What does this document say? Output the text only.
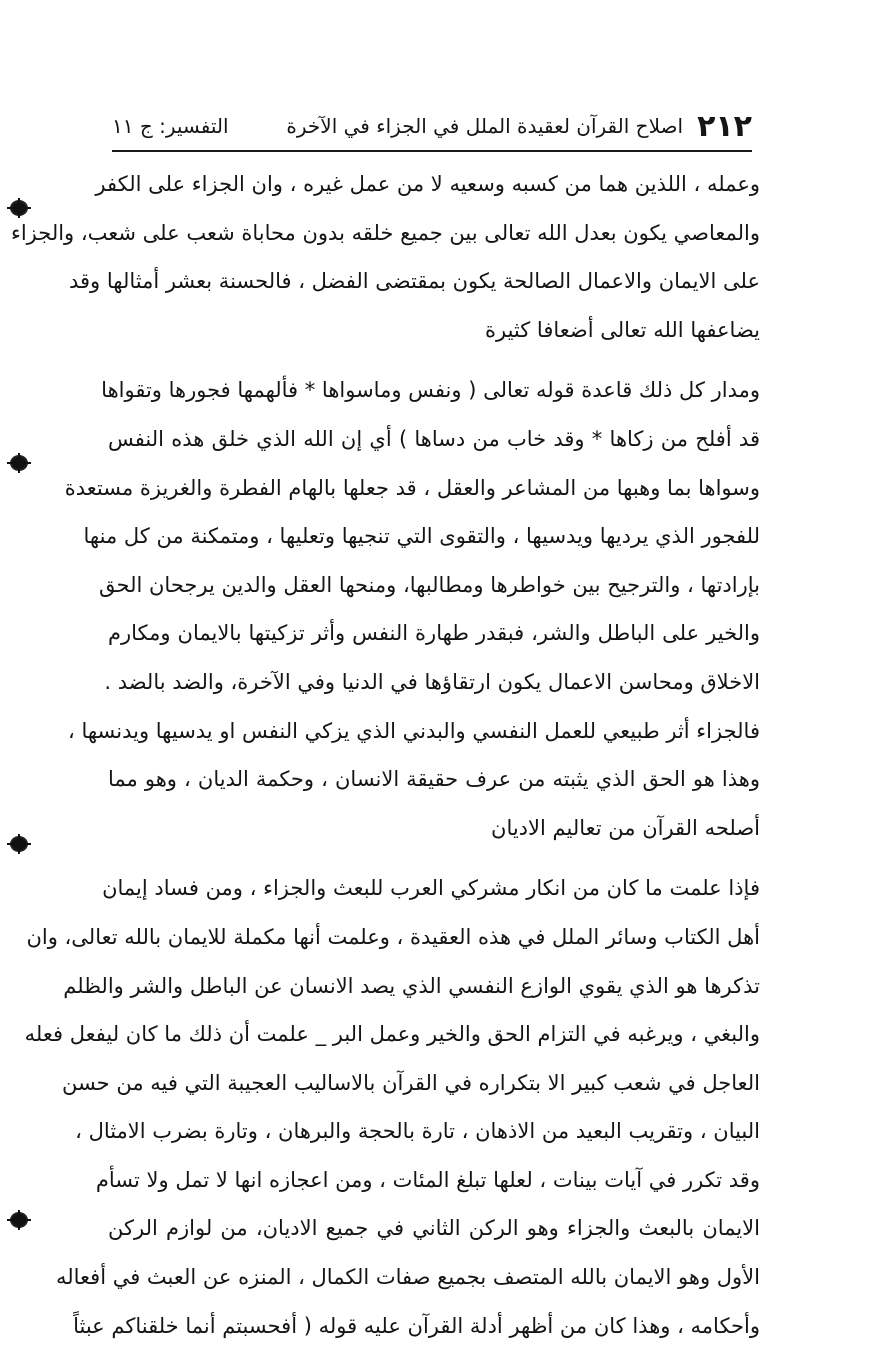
٢١٢
اصلاح القرآن لعقيدة الملل في الجزاء في الآخرة
التفسير: ج ١١
وعمله ، اللذين هما من كسبه وسعيه لا من عمل غيره ، وان الجزاء على الكفر
والمعاصي يكون بعدل الله تعالى بين جميع خلقه بدون محاباة شعب على شعب، والجزاء
على الايمان والاعمال الصالحة يكون بمقتضى الفضل ، فالحسنة بعشر أمثالها وقد
يضاعفها الله تعالى أضعافا كثيرة
ومدار كل ذلك قاعدة قوله تعالى ( ونفس وماسواها * فألهمها فجورها وتقواها
قد أفلح من زكاها * وقد خاب من دساها ) أي إن الله الذي خلق هذه النفس
وسواها بما وهبها من المشاعر والعقل ، قد جعلها بالهام الفطرة والغريزة مستعدة
للفجور الذي يرديها ويدسيها ، والتقوى التي تنجيها وتعليها ، ومتمكنة من كل منها
بإرادتها ، والترجيح بين خواطرها ومطالبها، ومنحها العقل والدين يرجحان الحق
والخير على الباطل والشر، فبقدر طهارة النفس وأثر تزكيتها بالايمان ومكارم
الاخلاق ومحاسن الاعمال يكون ارتقاؤها في الدنيا وفي الآخرة، والضد بالضد .
فالجزاء أثر طبيعي للعمل النفسي والبدني الذي يزكي النفس او يدسيها ويدنسها ،
وهذا هو الحق الذي يثبته من عرف حقيقة الانسان ، وحكمة الديان ، وهو مما
أصلحه القرآن من تعاليم الاديان
فإذا علمت ما كان من انكار مشركي العرب للبعث والجزاء ، ومن فساد إيمان
أهل الكتاب وسائر الملل في هذه العقيدة ، وعلمت أنها مكملة للايمان بالله تعالى، وان
تذكرها هو الذي يقوي الوازع النفسي الذي يصد الانسان عن الباطل والشر والظلم
والبغي ، ويرغبه في التزام الحق والخير وعمل البر _ علمت أن ذلك ما كان ليفعل فعله
العاجل في شعب كبير الا بتكراره في القرآن بالاساليب العجيبة التي فيه من حسن
البيان ، وتقريب البعيد من الاذهان ، تارة بالحجة والبرهان ، وتارة بضرب الامثال ،
وقد تكرر في آيات بينات ، لعلها تبلغ المئات ، ومن اعجازه انها لا تمل ولا تسأم
الايمان بالبعث والجزاء وهو الركن الثاني في جميع الاديان، من لوازم الركن
الأول وهو الايمان بالله المتصف بجميع صفات الكمال ، المنزه عن العبث في أفعاله
وأحكامه ، وهذا كان من أظهر أدلة القرآن عليه قوله ( أفحسبتم أنما خلقناكم عبثاً
